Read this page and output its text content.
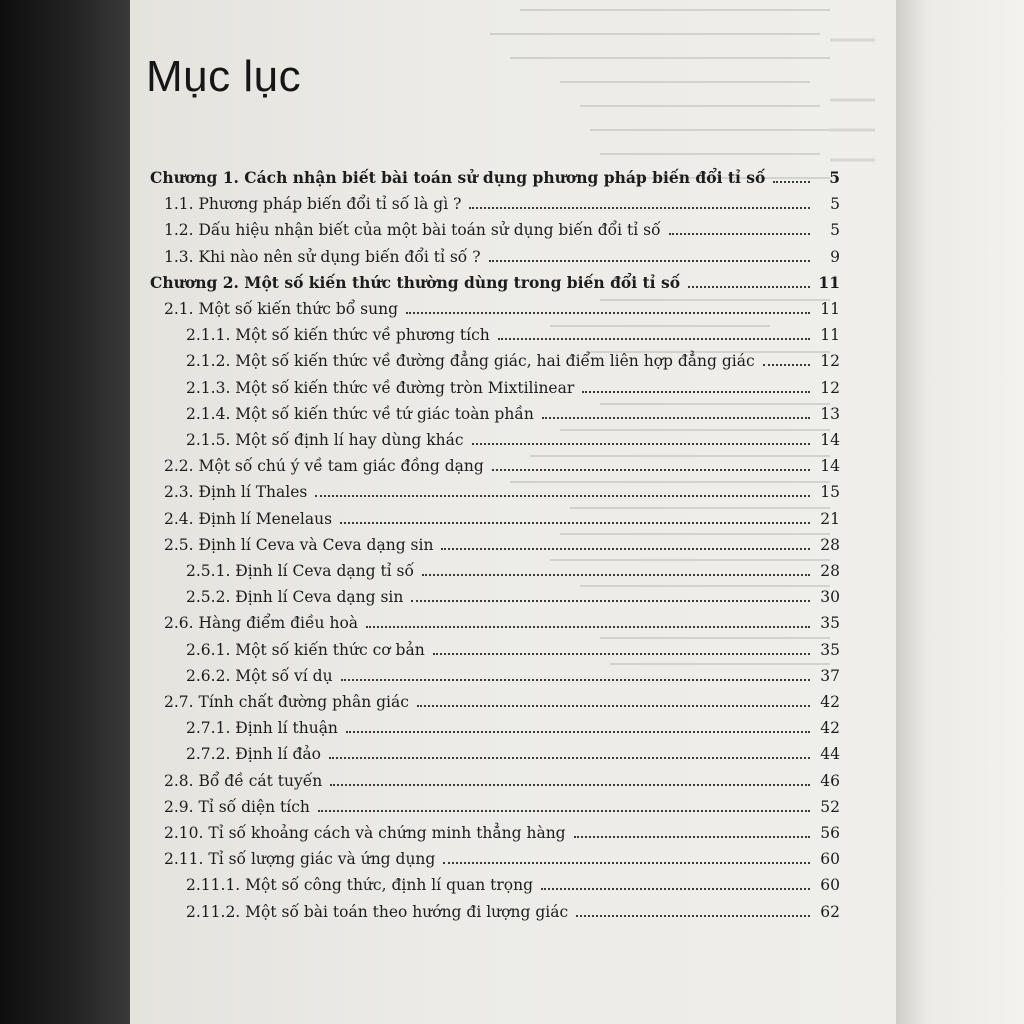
Mục lục
Chương 1. Cách nhận biết bài toán sử dụng phương pháp biến đổi tỉ số	5
1.1. Phương pháp biến đổi tỉ số là gì ?	5
1.2. Dấu hiệu nhận biết của một bài toán sử dụng biến đổi tỉ số	5
1.3. Khi nào nên sử dụng biến đổi tỉ số ?	9
Chương 2. Một số kiến thức thường dùng trong biến đổi tỉ số	11
2.1. Một số kiến thức bổ sung	11
2.1.1. Một số kiến thức về phương tích	11
2.1.2. Một số kiến thức về đường đẳng giác, hai điểm liên hợp đẳng giác	12
2.1.3. Một số kiến thức về đường tròn Mixtilinear	12
2.1.4. Một số kiến thức về tứ giác toàn phần	13
2.1.5. Một số định lí hay dùng khác	14
2.2. Một số chú ý về tam giác đồng dạng	14
2.3. Định lí Thales	15
2.4. Định lí Menelaus	21
2.5. Định lí Ceva và Ceva dạng sin	28
2.5.1. Định lí Ceva dạng tỉ số	28
2.5.2. Định lí Ceva dạng sin	30
2.6. Hàng điểm điều hoà	35
2.6.1. Một số kiến thức cơ bản	35
2.6.2. Một số ví dụ	37
2.7. Tính chất đường phân giác	42
2.7.1. Định lí thuận	42
2.7.2. Định lí đảo	44
2.8. Bổ đề cát tuyến	46
2.9. Tỉ số diện tích	52
2.10. Tỉ số khoảng cách và chứng minh thẳng hàng	56
2.11. Tỉ số lượng giác và ứng dụng	60
2.11.1. Một số công thức, định lí quan trọng	60
2.11.2. Một số bài toán theo hướng đi lượng giác	62
